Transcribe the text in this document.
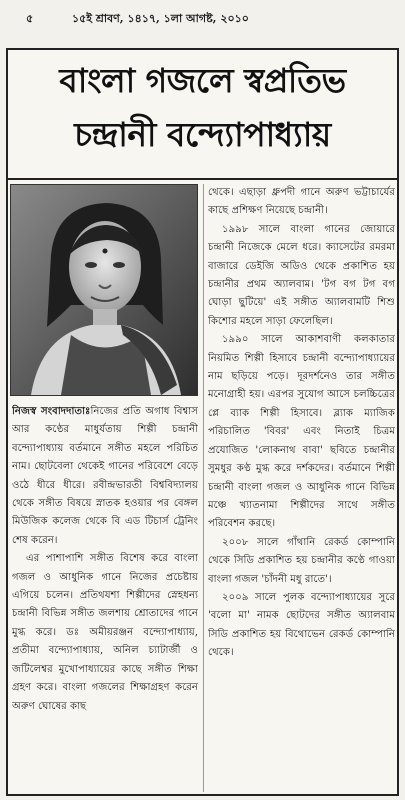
৫	১৫ই শ্রাবণ, ১৪১৭, ১লা আগষ্ট, ২০১০
বাংলা গজলে স্বপ্রতিভ
চন্দ্রানী বন্দ্যোপাধ্যায়

নিজস্ব সংবাদদাতাঃনিজের প্রতি অগাধ বিশ্বাস আর কণ্ঠের মাধুর্যতায় শিল্পী চন্দ্রানী বন্দ্যোপাধ্যায় বর্তমানে সঙ্গীত মহলে পরিচিত নাম। ছোটবেলা থেকেই গানের পরিবেশে বেড়ে ওঠে ধীরে ধীরে। রবীন্দ্রভারতী বিশ্ববিদ্যালয় থেকে সঙ্গীত বিষয়ে স্নাতক হওয়ার পর বেঙ্গল মিউজিক কলেজ থেকে বি এড টিচার্স ট্রেনিং শেষ করেন।

এর পাশাপাশি সঙ্গীত বিশেষ করে বাংলা গজল ও আধুনিক গানে নিজের প্রচেষ্টায় এগিয়ে চলেন। প্রতিথযশা শিল্পীদের স্নেহধন্য চন্দ্রানী বিভিন্ন সঙ্গীত জলশায় শ্রোতাদের গানে মুগ্ধ করে। ডঃ অমীয়রঞ্জন বন্দ্যোপাধ্যায়, প্রতীমা বন্দ্যোপাধ্যায়, অনিল চ্যাটার্জী ও জটিলেশ্বর মুখোপাধ্যায়ের কাছে সঙ্গীত শিক্ষা গ্রহণ করে। বাংলা গজলের শিক্ষাগ্রহণ করেন অরুণ ঘোষের কাছ

থেকে। এছাড়া ধ্রুপদী গানে অরুণ ভট্টাচার্যের কাছে প্রশিক্ষণ নিয়েছে চন্দ্রানী।

১৯৯৮ সালে বাংলা গানের জোয়ারে চন্দ্রানী নিজেকে মেলে ধরে। ক্যাসেটের রমরমা বাজারে ডেইজি অডিও থেকে প্রকাশিত হয় চন্দ্রানীর প্রথম অ্যালবাম। 'টগ বগ টগ বগ ঘোড়া ছুটিয়ে' এই সঙ্গীত অ্যালবামটি শিশু কিশোর মহলে সাড়া ফেলেছিল।

১৯৯০ সালে আকাশবাণী কলকাতার নিয়মিত শিল্পী হিসাবে চন্দ্রানী বন্দ্যোপাধ্যায়ের নাম ছড়িয়ে পড়ে। দূরদর্শনেও তার সঙ্গীত মনোগ্রাহী হয়। এরপর সুযোগ আসে চলচ্চিত্রের প্লে ব্যাক শিল্পী হিসাবে। ব্ল্যাক ম্যাজিক পরিচালিত 'বিবর' এবং নিতাই চিত্রম প্রযোজিত 'লোকনাথ বাবা' ছবিতে চন্দ্রানীর সুমধুর কণ্ঠ মুগ্ধ করে দর্শকদের। বর্তমানে শিল্পী চন্দ্রানী বাংলা গজল ও আধুনিক গানে বিভিন্ন মঞ্চে খ্যাতনামা শিল্পীদের সাথে সঙ্গীত পরিবেশন করছে।

২০০৮ সালে গাঁথানি রেকর্ড কোম্পানি থেকে সিডি প্রকাশিত হয় চন্দ্রানীর কণ্ঠে গাওয়া বাংলা গজল 'চাঁদনী মধু রাতে'।

২০০৯ সালে পুলক বন্দ্যোপাধ্যায়ের সুরে 'বলো মা' নামক ছোটদের সঙ্গীত অ্যালবাম সিডি প্রকাশিত হয় বিথোভেন রেকর্ড কোম্পানি থেকে।
